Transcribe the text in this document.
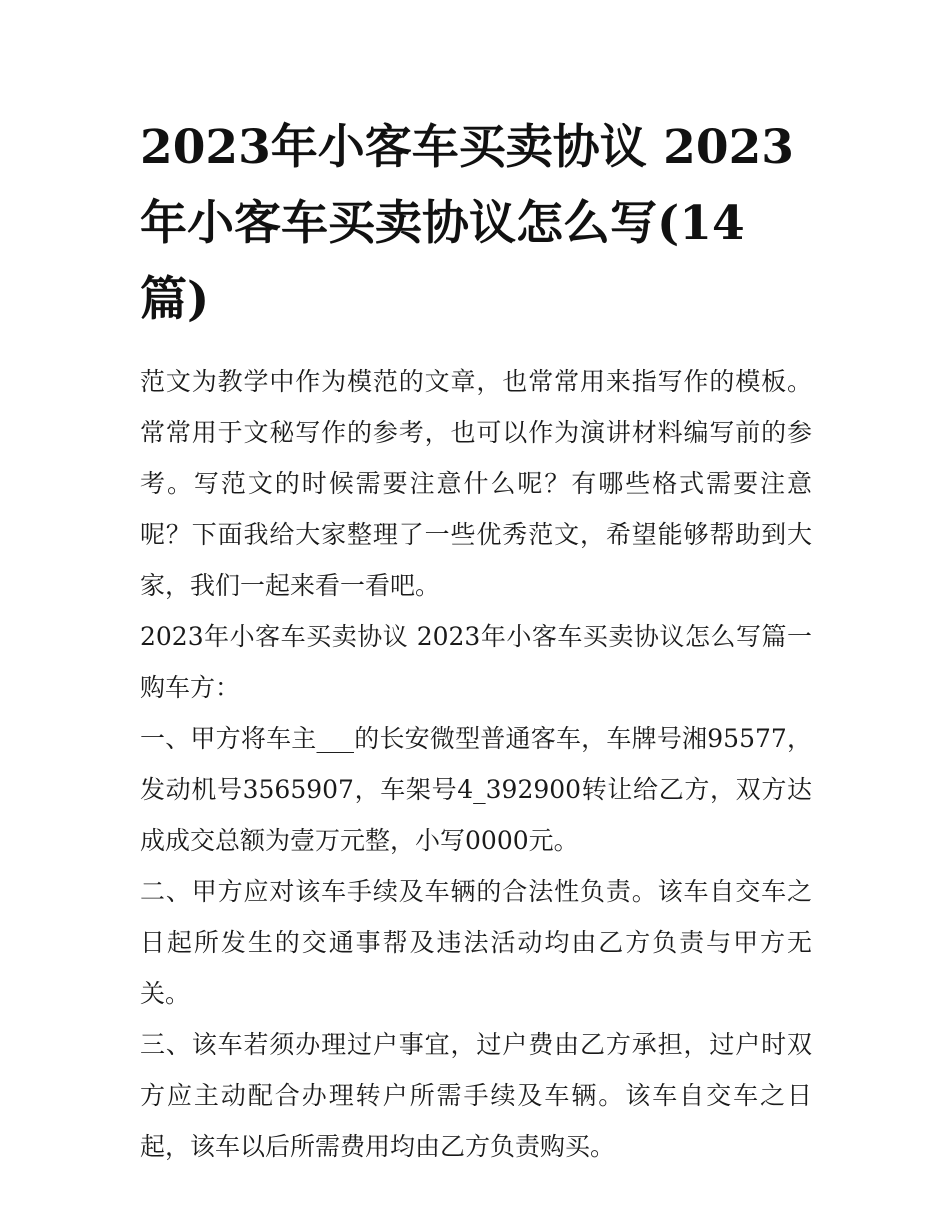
2023年小客车买卖协议 2023年小客车买卖协议怎么写(14篇)

范文为教学中作为模范的文章，也常常用来指写作的模板。常常用于文秘写作的参考，也可以作为演讲材料编写前的参考。写范文的时候需要注意什么呢？有哪些格式需要注意呢？下面我给大家整理了一些优秀范文，希望能够帮助到大家，我们一起来看一看吧。

2023年小客车买卖协议 2023年小客车买卖协议怎么写篇一 购车方：

一、甲方将车主___的长安微型普通客车，车牌号湘95577，发动机号3565907，车架号4_392900转让给乙方，双方达成成交总额为壹万元整，小写0000元。

二、甲方应对该车手续及车辆的合法性负责。该车自交车之日起所发生的交通事帮及违法活动均由乙方负责与甲方无关。

三、该车若须办理过户事宜，过户费由乙方承担，过户时双方应主动配合办理转户所需手续及车辆。该车自交车之日起，该车以后所需费用均由乙方负责购买。
